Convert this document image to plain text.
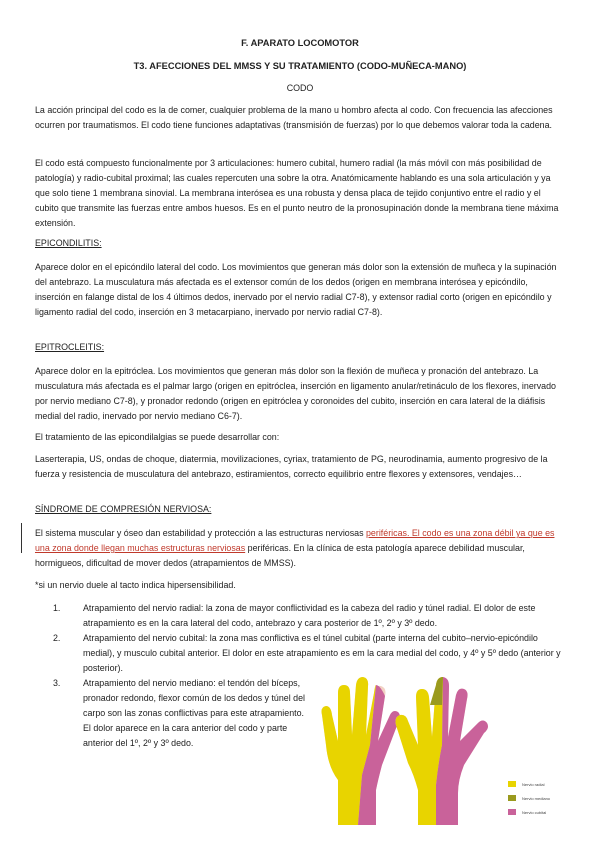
F. APARATO LOCOMOTOR
T3. AFECCIONES DEL MMSS Y SU TRATAMIENTO (CODO-MUÑECA-MANO)
CODO

La acción principal del codo es la de comer, cualquier problema de la mano u hombro afecta al codo. Con frecuencia las afecciones ocurren por traumatismos. El codo tiene funciones adaptativas (transmisión de fuerzas) por lo que debemos valorar toda la cadena.

El codo está compuesto funcionalmente por 3 articulaciones: humero cubital, humero radial (la más móvil con más posibilidad de patología) y radio-cubital proximal; las cuales repercuten una sobre la otra. Anatómicamente hablando es una sola articulación y ya que solo tiene 1 membrana sinovial. La membrana interósea es una robusta y densa placa de tejido conjuntivo entre el radio y el cubito que transmite las fuerzas entre ambos huesos. Es en el punto neutro de la pronosupinación donde la membrana tiene máxima extensión.

EPICONDILITIS:

Aparece dolor en el epicóndilo lateral del codo. Los movimientos que generan más dolor son la extensión de muñeca y la supinación del antebrazo. La musculatura más afectada es el extensor común de los dedos (origen en membrana interósea y epicóndilo, inserción en falange distal de los 4 últimos dedos, inervado por el nervio radial C7-8), y extensor radial corto (origen en epicóndilo y ligamento radial del codo, inserción en 3 metacarpiano, inervado por nervio radial C7-8).

EPITROCLEITIS:

Aparece dolor en la epitróclea. Los movimientos que generan más dolor son la flexión de muñeca y pronación del antebrazo. La musculatura más afectada es el palmar largo (origen en epitróclea, inserción en ligamento anular/retináculo de los flexores, inervado por nervio mediano C7-8), y pronador redondo (origen en epitróclea y coronoides del cubito, inserción en cara lateral de la diáfisis medial del radio, inervado por nervio mediano C6-7).

El tratamiento de las epicondilalgias se puede desarrollar con:

Laserterapia, US, ondas de choque, diatermia, movilizaciones, cyriax, tratamiento de PG, neurodinamia, aumento progresivo de la fuerza y resistencia de musculatura del antebrazo, estiramientos, correcto equilibrio entre flexores y extensores, vendajes…

SÍNDROME DE COMPRESIÓN NERVIOSA:

El sistema muscular y óseo dan estabilidad y protección a las estructuras nerviosas periféricas. El codo es una zona débil ya que es una zona donde llegan muchas estructuras nerviosas periféricas. En la clínica de esta patología aparece debilidad muscular, hormigueos, dificultad de mover dedos (atrapamientos de MMSS).

*si un nervio duele al tacto indica hipersensibilidad.

1.	Atrapamiento del nervio radial: la zona de mayor conflictividad es la cabeza del radio y túnel radial. El dolor de este atrapamiento es en la cara lateral del codo, antebrazo y cara posterior de 1º, 2º y 3º dedo.
2.	Atrapamiento del nervio cubital: la zona mas conflictiva es el túnel cubital (parte interna del cubito–nervio-epicóndilo medial), y musculo cubital anterior. El dolor en este atrapamiento es em la cara medial del codo, y 4º y 5º dedo (anterior y posterior).
3.	Atrapamiento del nervio mediano: el tendón del bíceps, pronador redondo, flexor común de los dedos y túnel del carpo son las zonas conflictivas para este atrapamiento. El dolor aparece en la cara anterior del codo y parte anterior del 1º, 2º y 3º dedo.
Nervio radial
Nervio mediano
Nervio cubital
